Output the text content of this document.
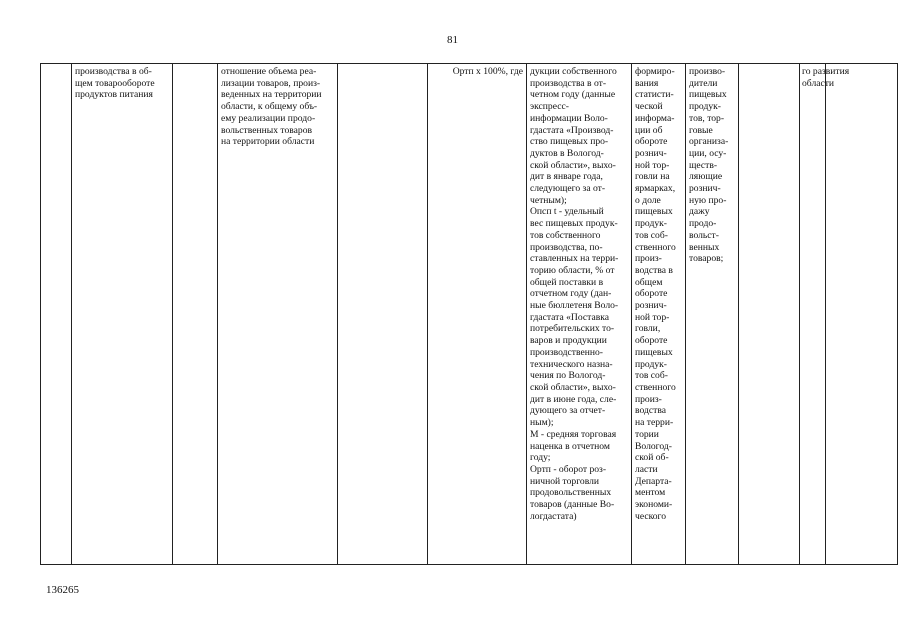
81
производства в об-
щем товарообороте
продуктов питания
отношение объема реа-
лизации товаров, произ-
веденных на территории
области, к общему объ-
ему реализации продо-
вольственных товаров
на территории области
Ортп x 100%, где дукции собственного
производства в от-
четном году (данные
экспресс-
информации Воло-
гдастата «Производ-
ство пищевых про-
дуктов в Вологод-
ской области», выхо-
дит в январе года,
следующего за от-
четным);
Опсп t - удельный
вес пищевых продук-
тов собственного
производства, по-
ставленных на терри-
торию области, % от
общей поставки в
отчетном году (дан-
ные бюллетеня Воло-
гдастата «Поставка
потребительских то-
варов и продукции
производственно-
технического назна-
чения по Вологод-
ской области», выхо-
дит в июне года, сле-
дующего за отчет-
ным);
М - средняя торговая
наценка в отчетном
году;
Ортп - оборот роз-
ничной торговли
продовольственных
товаров (данные Во-
логдастата)
формиро-
вания
статисти-
ческой
информа-
ции об
обороте
рознич-
ной тор-
говли на
ярмарках,
о доле
пищевых
продук-
тов соб-
ственного
произ-
водства в
общем
обороте
рознич-
ной тор-
говли,
обороте
пищевых
продук-
тов соб-
ственного
произ-
водства
на терри-
тории
Вологод-
ской об-
ласти
Департа-
ментом
экономи-
ческого
произво-
дители
пищевых
продук-
тов, тор-
говые
организа-
ции, осу-
ществ-
ляющие
рознич-
ную про-
дажу
продо-
вольст-
венных
товаров;
го развития
области
136265
